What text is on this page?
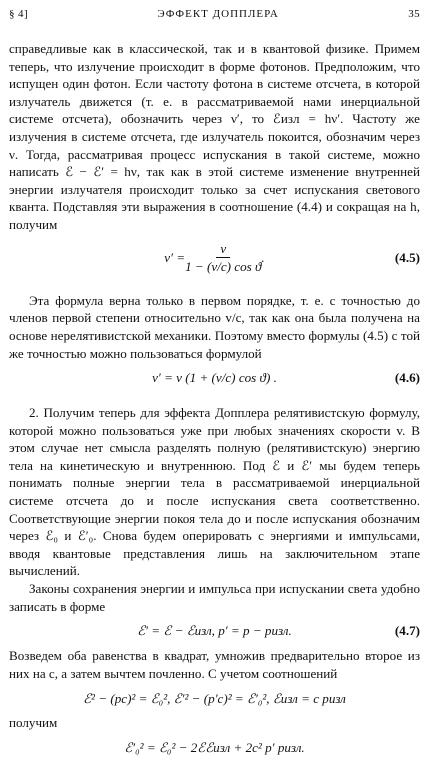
§ 4]	ЭФФЕКТ ДОППЛЕРА	35

справедливые как в классической, так и в квантовой физике. Примем теперь, что излучение происходит в форме фотонов. Предположим, что испущен один фотон. Если частоту фотона в системе отсчета, в которой излучатель движется (т. е. в рассматриваемой нами инерциальной системе отсчета), обозначить через ν′, то ℰизл = hν′. Частоту же излучения в системе отсчета, где излучатель покоится, обозначим через ν. Тогда, рассматривая процесс испускания в такой системе, можно написать ℰ − ℰ′ = hν, так как в этой системе изменение внутренней энергии излучателя происходит только за счет испускания светового кванта. Подставляя эти выражения в соотношение (4.4) и сокращая на h, получим

$\nu' = \frac{\nu}{\text{1 − (v/c) cos ϑ}}$ .	(4.5)

Эта формула верна только в первом порядке, т. е. с точностью до членов первой степени относительно v/c, так как она была получена на основе нерелятивистской механики. Поэтому вместо формулы (4.5) с той же точностью можно пользоваться формулой

ν′ = ν (1 + (v/c) cos ϑ) .	(4.6)

2. Получим теперь для эффекта Допплера релятивистскую формулу, которой можно пользоваться уже при любых значениях скорости v. В этом случае нет смысла разделять полную (релятивистскую) энергию тела на кинетическую и внутреннюю. Под ℰ и ℰ′ мы будем теперь понимать полные энергии тела в рассматриваемой инерциальной системе отсчета до и после испускания света соответственно. Соответствующие энергии покоя тела до и после испускания обозначим через ℰ₀ и ℰ′₀. Снова будем оперировать с энергиями и импульсами, вводя квантовые представления лишь на заключительном этапе вычислений.

Законы сохранения энергии и импульса при испускании света удобно записать в форме

ℰ′ = ℰ − ℰизл, p′ = p − pизл.	(4.7)

Возведем оба равенства в квадрат, умножив предварительно второе из них на c, а затем вычтем почленно. С учетом соотношений

ℰ² − (pc)² = ℰ₀², ℰ′² − (p′c)² = ℰ′₀², ℰизл = c pизл

получим

ℰ′₀² = ℰ₀² − 2ℰℰизл + 2c² p′ pизл.
